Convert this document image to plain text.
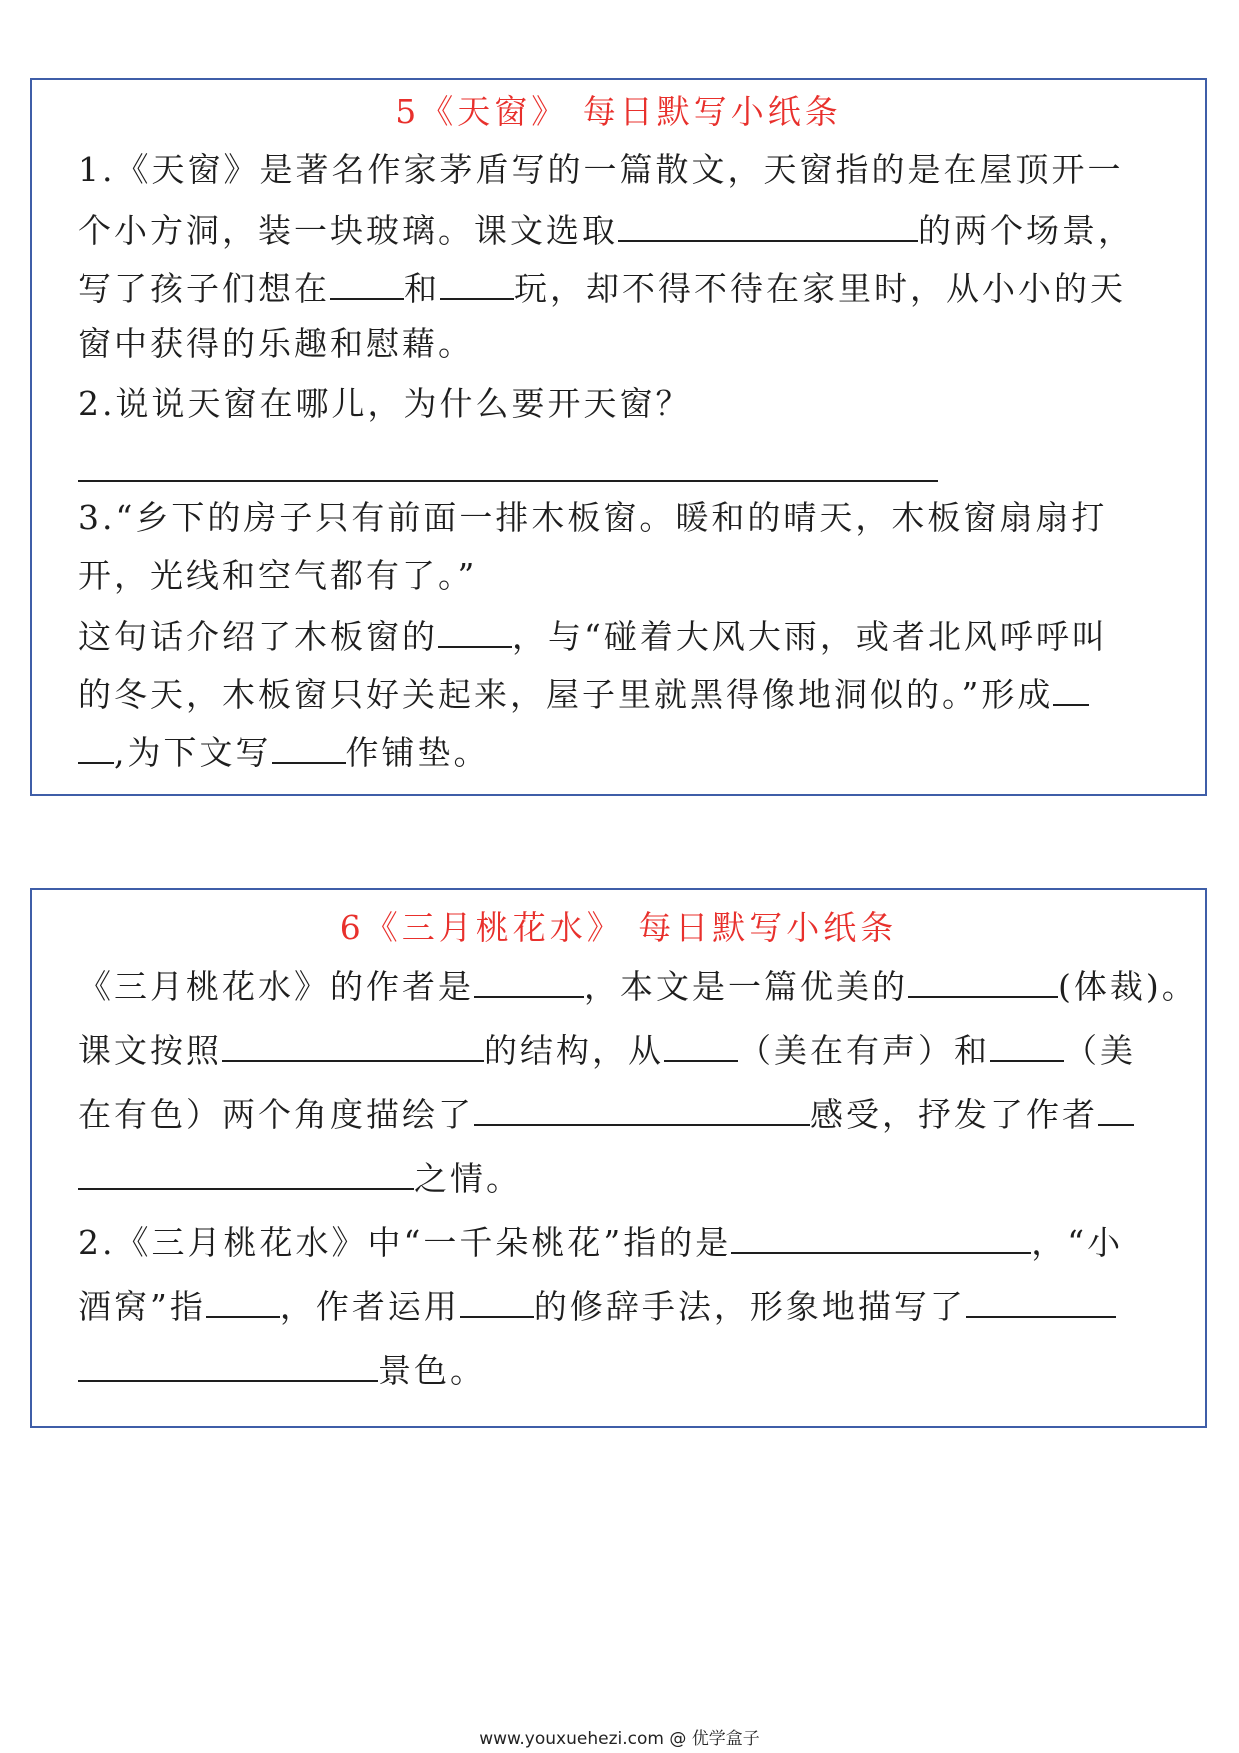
5《天窗》 每日默写小纸条
1.《天窗》是著名作家茅盾写的一篇散文，天窗指的是在屋顶开一
个小方洞，装一块玻璃。课文选取	的两个场景，
写了孩子们想在 和 玩，却不得不待在家里时，从小小的天
窗中获得的乐趣和慰藉。
2.说说天窗在哪儿，为什么要开天窗？
3.“乡下的房子只有前面一排木板窗。暖和的晴天，木板窗扇扇打
开，光线和空气都有了。”
这句话介绍了木板窗的 ，与“碰着大风大雨，或者北风呼呼叫
的冬天，木板窗只好关起来，屋子里就黑得像地洞似的。”形成
,为下文写 作铺垫。
6《三月桃花水》 每日默写小纸条
《三月桃花水》的作者是	，本文是一篇优美的	(体裁)。
课文按照	的结构，从 （美在有声）和 （美
在有色）两个角度描绘了	感受，抒发了作者
之情。
2.《三月桃花水》中“一千朵桃花”指的是	，“小
酒窝”指 ，作者运用 的修辞手法，形象地描写了
景色。
www.youxuehezi.com @ 优学盒子
